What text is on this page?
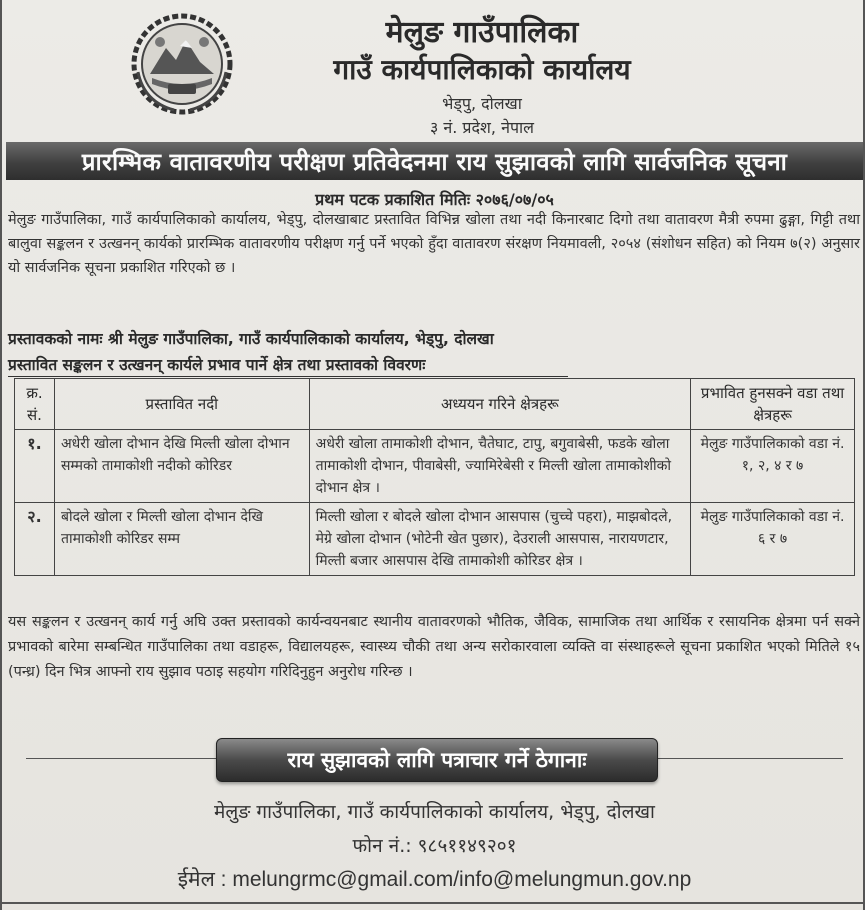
मेलुङ गाउँपालिका
गाउँ कार्यपालिकाको कार्यालय
भेड्पु, दोलखा
३ नं. प्रदेश, नेपाल
प्रारम्भिक वातावरणीय परीक्षण प्रतिवेदनमा राय सुझावको लागि सार्वजनिक सूचना
प्रथम पटक प्रकाशित मितिः २०७६/०७/०५
मेलुङ गाउँपालिका, गाउँ कार्यपालिकाको कार्यालय, भेड्पु, दोलखाबाट प्रस्तावित विभिन्न खोला तथा नदी किनारबाट दिगो तथा वातावरण मैत्री रुपमा ढुङ्गा, गिट्टी तथा बालुवा सङ्कलन र उत्खनन् कार्यको प्रारम्भिक वातावरणीय परीक्षण गर्नु पर्ने भएको हुँदा वातावरण संरक्षण नियमावली, २०५४ (संशोधन सहित) को नियम ७(२) अनुसार यो सार्वजनिक सूचना प्रकाशित गरिएको छ ।
प्रस्तावकको नामः श्री मेलुङ गाउँपालिका, गाउँ कार्यपालिकाको कार्यालय, भेड्पु, दोलखा
प्रस्तावित सङ्कलन र उत्खनन् कार्यले प्रभाव पार्ने क्षेत्र तथा प्रस्तावको विवरणः
क्र. सं.	प्रस्तावित नदी	अध्ययन गरिने क्षेत्रहरू	प्रभावित हुनसक्ने वडा तथा क्षेत्रहरू
१.	अधेरी खोला दोभान देखि मिल्ती खोला दोभान सम्मको तामाकोशी नदीको कोरिडर	अधेरी खोला तामाकोशी दोभान, चैतेघाट, टापु, बगुवाबेसी, फडके खोला तामाकोशी दोभान, पीवाबेसी, ज्यामिरेबेसी र मिल्ती खोला तामाकोशीको दोभान क्षेत्र ।	मेलुङ गाउँपालिकाको वडा नं. १, २, ४ र ७
२.	बोदले खोला र मिल्ती खोला दोभान देखि तामाकोशी कोरिडर सम्म	मिल्ती खोला र बोदले खोला दोभान आसपास (चुच्चे पहरा), माझबोदले, मेग्रे खोला दोभान (भोटेनी खेत पुछार), देउराली आसपास, नारायणटार, मिल्ती बजार आसपास देखि तामाकोशी कोरिडर क्षेत्र ।	मेलुङ गाउँपालिकाको वडा नं. ६ र ७
यस सङ्कलन र उत्खनन् कार्य गर्नु अघि उक्त प्रस्तावको कार्यन्वयनबाट स्थानीय वातावरणको भौतिक, जैविक, सामाजिक तथा आर्थिक र रसायनिक क्षेत्रमा पर्न सक्ने प्रभावको बारेमा सम्बन्धित गाउँपालिका तथा वडाहरू, विद्यालयहरू, स्वास्थ्य चौकी तथा अन्य सरोकारवाला व्यक्ति वा संस्थाहरूले सूचना प्रकाशित भएको मितिले १५ (पन्ध्र) दिन भित्र आफ्नो राय सुझाव पठाइ सहयोग गरिदिनुहुन अनुरोध गरिन्छ ।
राय सुझावको लागि पत्राचार गर्ने ठेगानाः
मेलुङ गाउँपालिका, गाउँ कार्यपालिकाको कार्यालय, भेड्पु, दोलखा
फोन नं.: ९८५११४९२०१
ईमेल : melungrmc@gmail.com/info@melungmun.gov.np
